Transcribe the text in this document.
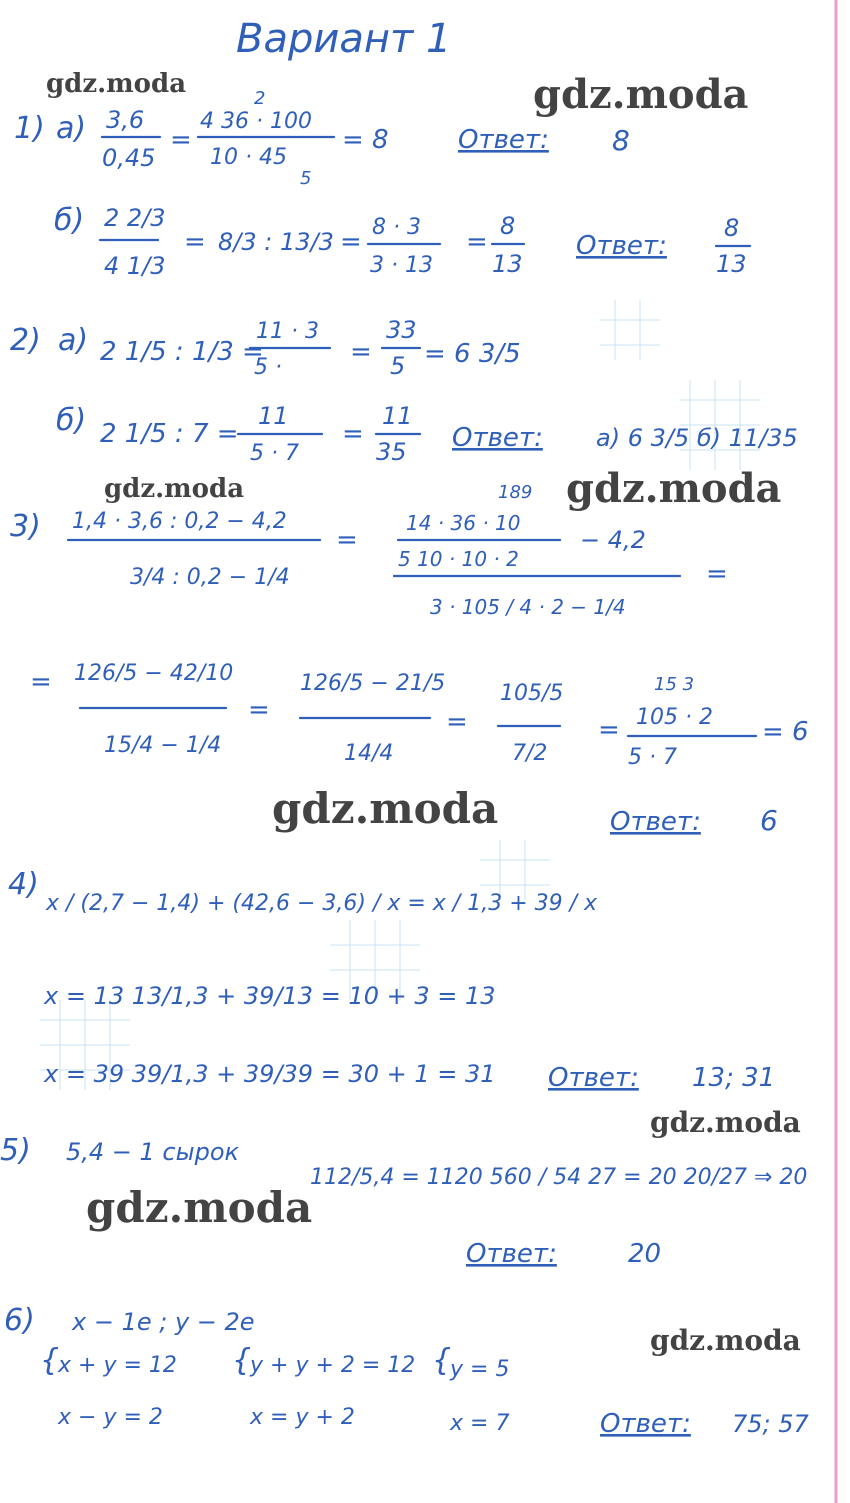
Вариант 1
gdz.moda	gdz.moda
gdz.moda	gdz.moda
gdz.moda
gdz.moda
gdz.moda
gdz.moda
1) а) 3,6
0,45
=
2
4 36 · 100
10 · 45
5
= 8	Ответ: 8
б) 2 2/3
4 1/3
= 8/3 : 13/3 = 8 · 3
3 · 13
=
8
13
Ответ:
8
13
2) а) 2 1/5 : 1/3 =
11 · 3
5 ·
=
33
5 = 6 3/5
б) 2 1/5 : 7 =
11
5 · 7
=
11
35 Ответ: а) 6 3/5 б) 11/35
3) 1,4 · 3,6 : 0,2 − 4,2
3/4 : 0,2 − 1/4
=
189
14 · 36 · 10
5 10 · 10 · 2
− 4,2
3 · 105 / 4 · 2 − 1/4
=
= 126/5 − 42/10
15/4 − 1/4
=
126/5 − 21/5
14/4
=
105/5
7/2
=
15 3
105 · 2
5 · 7
= 6
Ответ: 6
4)
x / (2,7 − 1,4) + (42,6 − 3,6) / x = x / 1,3 + 39 / x
x = 13 13/1,3 + 39/13 = 10 + 3 = 13
x = 39 39/1,3 + 39/39 = 30 + 1 = 31 Ответ: 13; 31
5) 5,4 − 1 сырок
112/5,4 = 1120 560 / 54 27 = 20 20/27 ⇒ 20
Ответ:	20
6) x − 1е ; y − 2е
{
x + y = 12
x − y = 2
{
y + y + 2 = 12
x = y + 2
{
y = 5
x = 7	Ответ: 75; 57
